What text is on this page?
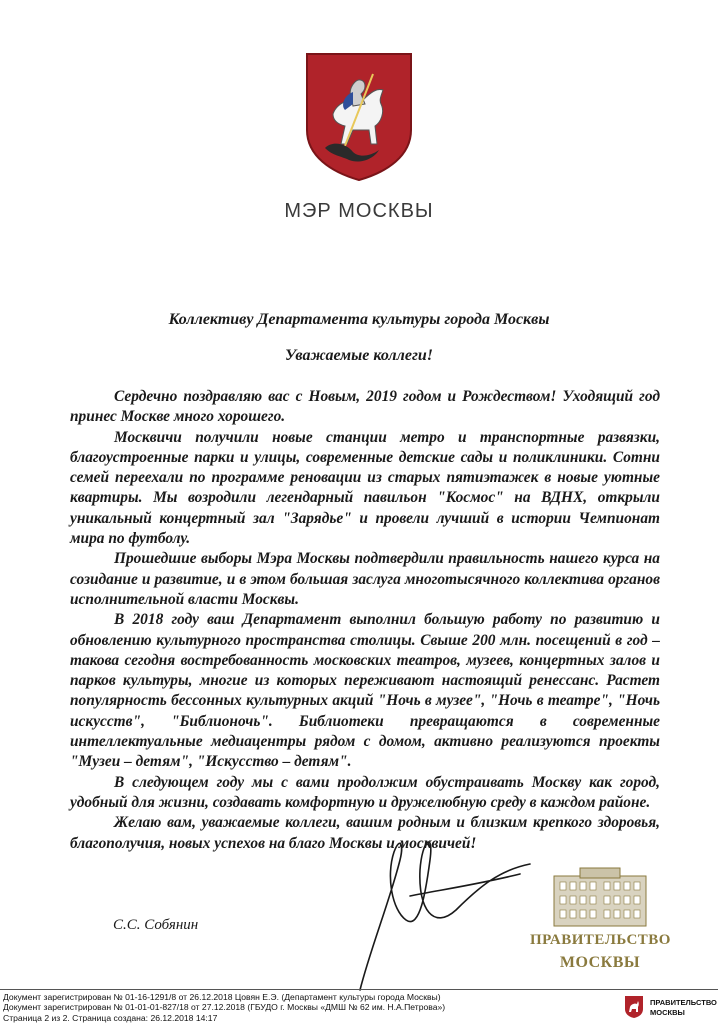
МЭР МОСКВЫ
Коллективу Департамента культуры города Москвы
Уважаемые коллеги!

Сердечно поздравляю вас с Новым, 2019 годом и Рождеством! Уходящий год принес Москве много хорошего.

Москвичи получили новые станции метро и транспортные развязки, благоустроенные парки и улицы, современные детские сады и поликлиники. Сотни семей переехали по программе реновации из старых пятиэтажек в новые уютные квартиры. Мы возродили легендарный павильон "Космос" на ВДНХ, открыли уникальный концертный зал "Зарядье" и провели лучший в истории Чемпионат мира по футболу.

Прошедшие выборы Мэра Москвы подтвердили правильность нашего курса на созидание и развитие, и в этом большая заслуга многотысячного коллектива органов исполнительной власти Москвы.

В 2018 году ваш Департамент выполнил большую работу по развитию и обновлению культурного пространства столицы. Свыше 200 млн. посещений в год – такова сегодня востребованность московских театров, музеев, концертных залов и парков культуры, многие из которых переживают настоящий ренессанс. Растет популярность бессонных культурных акций "Ночь в музее", "Ночь в театре", "Ночь искусств", "Библионочь". Библиотеки превращаются в современные интеллектуальные медиацентры рядом с домом, активно реализуются проекты "Музеи – детям", "Искусство – детям".

В следующем году мы с вами продолжим обустраивать Москву как город, удобный для жизни, создавать комфортную и дружелюбную среду в каждом районе.

Желаю вам, уважаемые коллеги, вашим родным и близким крепкого здоровья, благополучия, новых успехов на благо Москвы и москвичей!

С.С. Собянин
ПРАВИТЕЛЬСТВО
МОСКВЫ
Документ зарегистрирован № 01-16-1291/8 от 26.12.2018 Цовян Е.Э. (Департамент культуры города Москвы)
Документ зарегистрирован № 01-01-01-827/18 от 27.12.2018 (ГБУДО г. Москвы «ДМШ № 62 им. Н.А.Петрова»)
Страница 2 из 2. Страница создана: 26.12.2018 14:17
ПРАВИТЕЛЬСТВО
МОСКВЫ
